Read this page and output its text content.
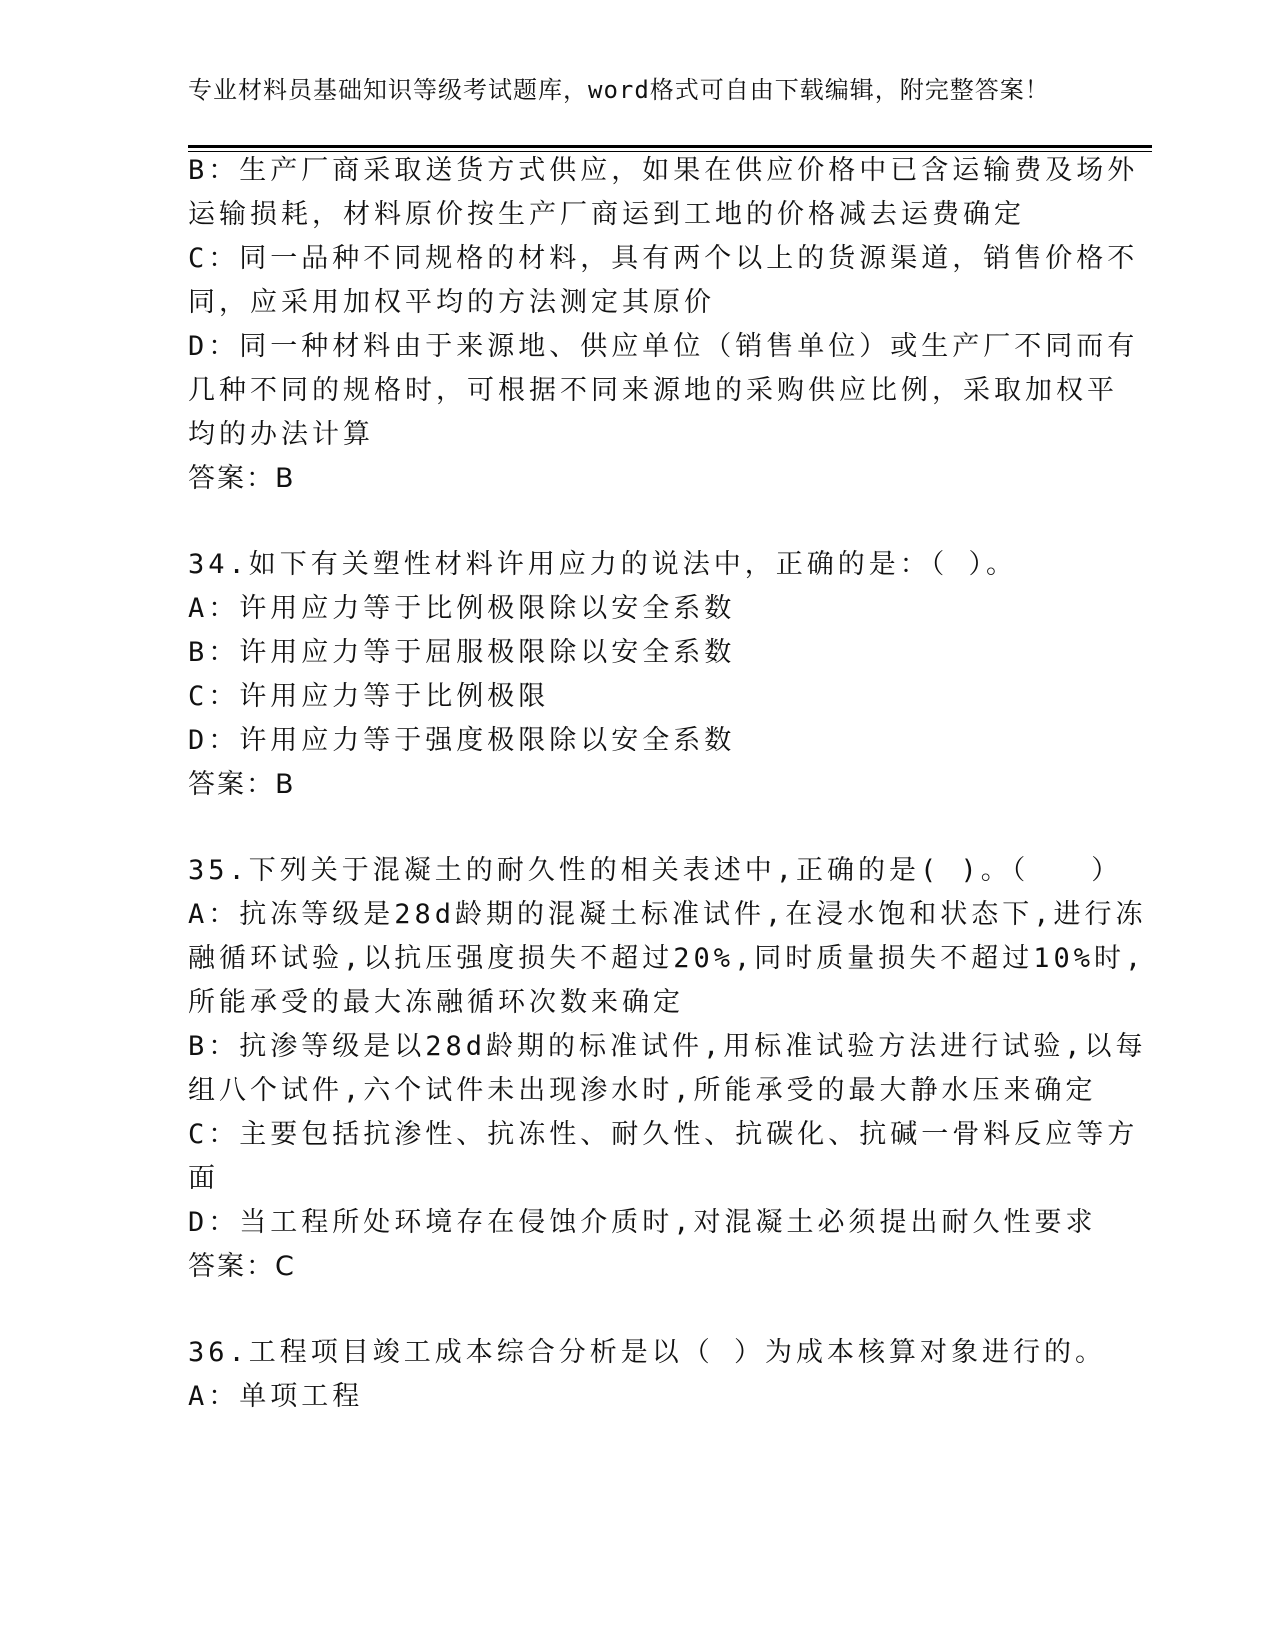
专业材料员基础知识等级考试题库，word格式可自由下载编辑，附完整答案！
B：生产厂商采取送货方式供应，如果在供应价格中已含运输费及场外
运输损耗，材料原价按生产厂商运到工地的价格减去运费确定
C：同一品种不同规格的材料，具有两个以上的货源渠道，销售价格不
同，应采用加权平均的方法测定其原价
D：同一种材料由于来源地、供应单位（销售单位）或生产厂不同而有
几种不同的规格时，可根据不同来源地的采购供应比例，采取加权平
均的办法计算
答案：B
34.如下有关塑性材料许用应力的说法中，正确的是：（ ）。
A：许用应力等于比例极限除以安全系数
B：许用应力等于屈服极限除以安全系数
C：许用应力等于比例极限
D：许用应力等于强度极限除以安全系数
答案：B
35.下列关于混凝土的耐久性的相关表述中,正确的是( )。（　　）
A：抗冻等级是28d龄期的混凝土标准试件,在浸水饱和状态下,进行冻
融循环试验,以抗压强度损失不超过20%,同时质量损失不超过10%时,
所能承受的最大冻融循环次数来确定
B：抗渗等级是以28d龄期的标准试件,用标准试验方法进行试验,以每
组八个试件,六个试件未出现渗水时,所能承受的最大静水压来确定
C：主要包括抗渗性、抗冻性、耐久性、抗碳化、抗碱一骨料反应等方
面
D：当工程所处环境存在侵蚀介质时,对混凝土必须提出耐久性要求
答案：C
36.工程项目竣工成本综合分析是以（ ）为成本核算对象进行的。
A：单项工程
